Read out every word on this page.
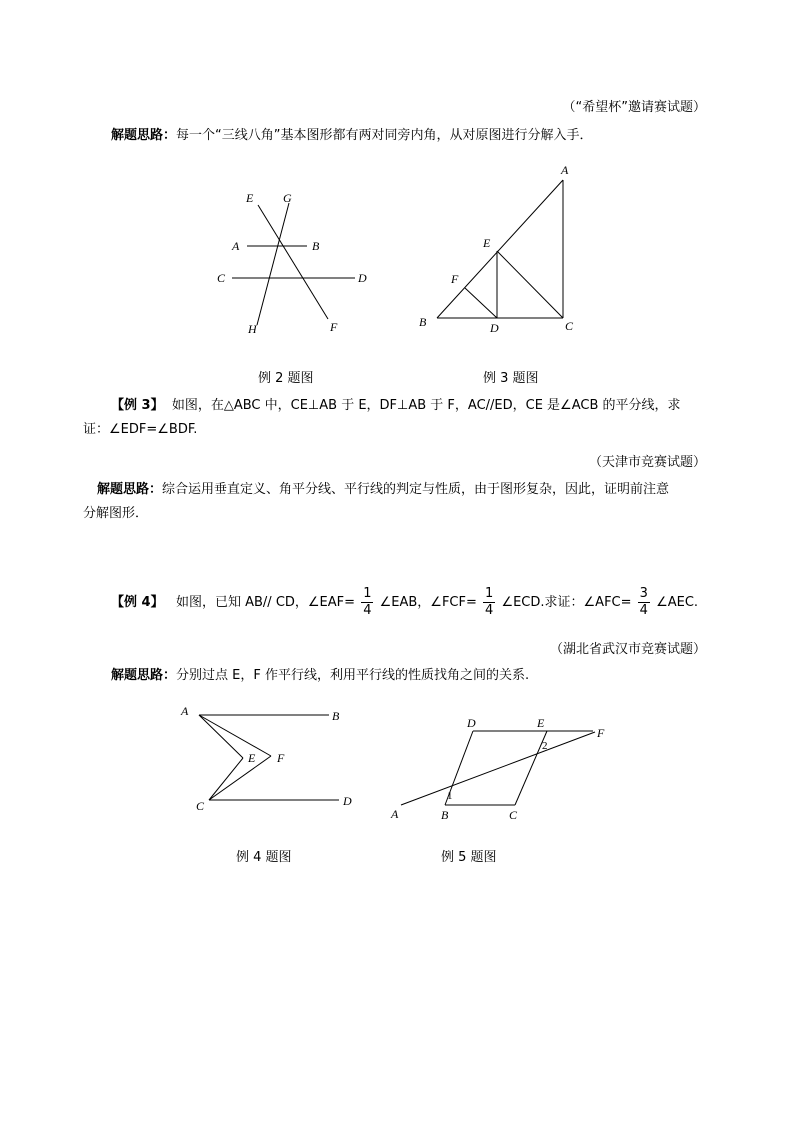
（“希望杯”邀请赛试题）
解题思路：每一个“三线八角”基本图形都有两对同旁内角，从对原图进行分解入手．
E G
A	B
C	D
H	F
例 2 题图
A
E
F
B	D	C
例 3 题图
【例 3】 如图，在△ABC 中，CE⊥AB 于 E，DF⊥AB 于 F，AC//ED，CE 是∠ACB 的平分线，求
证：∠EDF=∠BDF.
（天津市竞赛试题）
解题思路：综合运用垂直定义、角平分线、平行线的判定与性质，由于图形复杂，因此，证明前注意
分解图形．
【例 4】 如图，已知 AB// CD，∠EAF= $\frac{1}{4}$ ∠EAB，∠FCF= $\frac{1}{4}$ ∠ECD.求证：∠AFC= $\frac{3}{4}$ ∠AEC.
（湖北省武汉市竞赛试题）
解题思路：分别过点 E，F 作平行线，利用平行线的性质找角之间的关系.
A	B
E F
C	D
例 4 题图
D	E
F
2
1
A	B	C
例 5 题图
